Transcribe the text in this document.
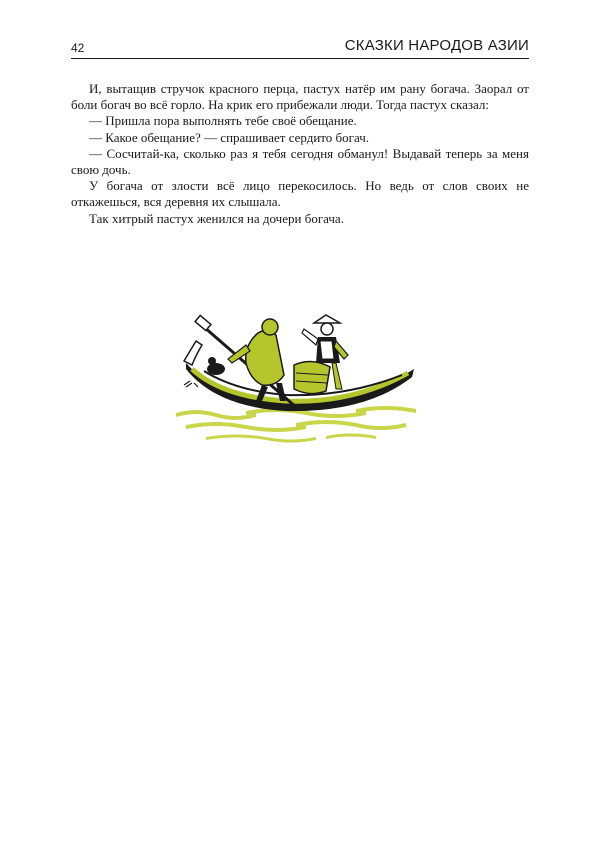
42	СКАЗКИ НАРОДОВ АЗИИ

И, вытащив стручок красного перца, пастух натёр им рану богача. Заорал от боли богач во всё горло. На крик его прибежали люди. Тогда пастух сказал:

— Пришла пора выполнять тебе своё обещание.

— Какое обещание? — спрашивает сердито богач.

— Сосчитай-ка, сколько раз я тебя сегодня обманул! Выдавай теперь за меня свою дочь.

У богача от злости всё лицо перекосилось. Но ведь от слов своих не откажешься, вся деревня их слышала.

Так хитрый пастух женился на дочери богача.
